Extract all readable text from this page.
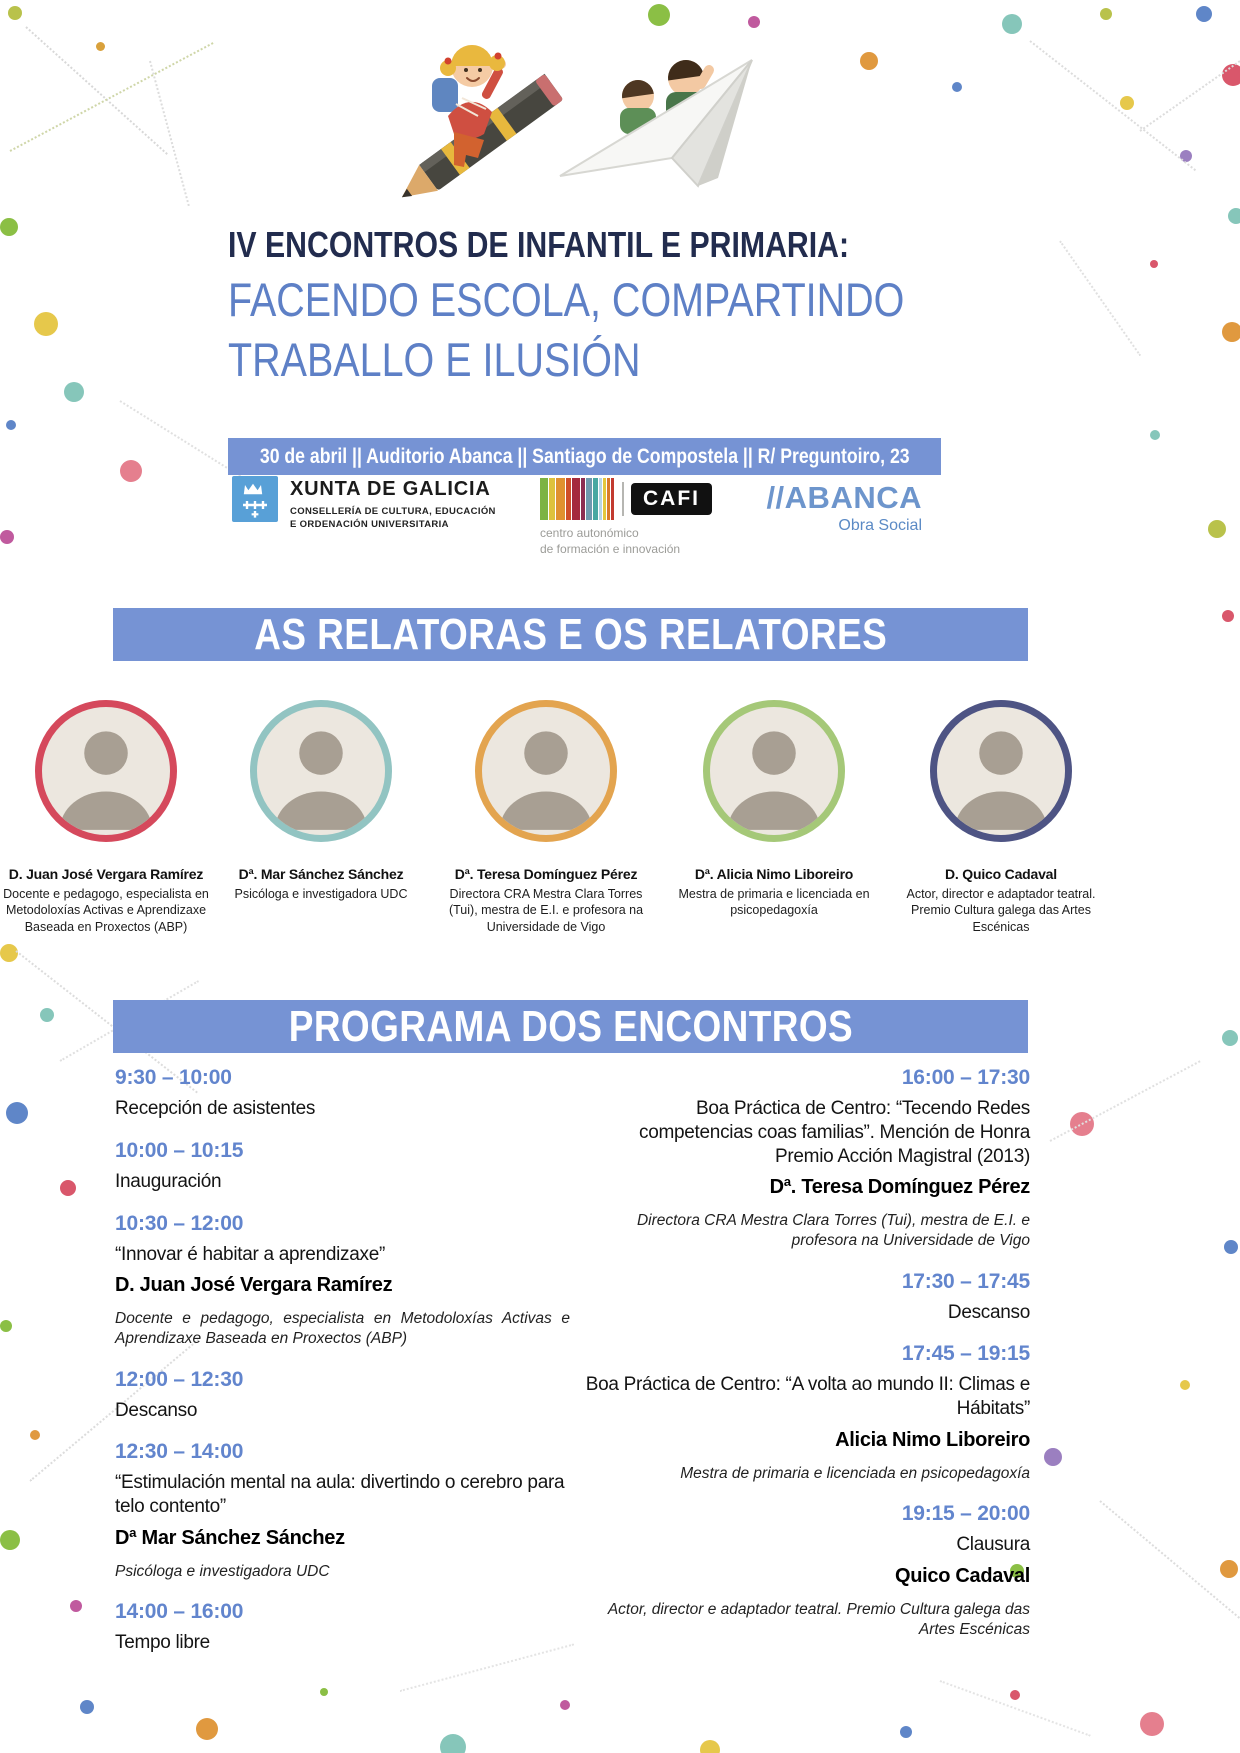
IV ENCONTROS DE INFANTIL E PRIMARIA:
FACENDO ESCOLA, COMPARTINDO
TRABALLO E ILUSIÓN
30 de abril || Auditorio Abanca || Santiago de Compostela || R/ Preguntoiro, 23
XUNTA DE GALICIA
CONSELLERÍA DE CULTURA, EDUCACIÓN
E ORDENACIÓN UNIVERSITARIA
CAFI
centro autonómico
de formación e innovación
//ABANCA
Obra Social
AS RELATORAS E OS RELATORES
D. Juan José Vergara Ramírez
Docente e pedagogo, especialista en Metodoloxías Activas e Aprendizaxe Baseada en Proxectos (ABP)
Dª. Mar Sánchez Sánchez
Psicóloga e investigadora UDC
Dª. Teresa Domínguez Pérez
Directora CRA Mestra Clara Torres (Tui), mestra de E.I. e profesora na Universidade de Vigo
Dª. Alicia Nimo Liboreiro
Mestra de primaria e licenciada en psicopedagoxía
D. Quico Cadaval
Actor, director e adaptador teatral. Premio Cultura galega das Artes Escénicas
PROGRAMA DOS ENCONTROS
9:30 – 10:00
Recepción de asistentes
10:00 – 10:15
Inauguración
10:30 – 12:00
“Innovar é habitar a aprendizaxe”
D. Juan José Vergara Ramírez
Docente e pedagogo, especialista en Metodoloxías Activas e Aprendizaxe Baseada en Proxectos (ABP)
12:00 – 12:30
Descanso
12:30 – 14:00
“Estimulación mental na aula: divertindo o cerebro para telo contento”
Dª Mar Sánchez Sánchez
Psicóloga e investigadora UDC
14:00 – 16:00
Tempo libre
16:00 – 17:30
Boa Práctica de Centro: “Tecendo Redes competencias coas familias”. Mención de Honra Premio Acción Magistral (2013)
Dª. Teresa Domínguez Pérez
Directora CRA Mestra Clara Torres (Tui), mestra de E.I. e profesora na Universidade de Vigo
17:30 – 17:45
Descanso
17:45 – 19:15
Boa Práctica de Centro: “A volta ao mundo II: Climas e Hábitats”
Alicia Nimo Liboreiro
Mestra de primaria e licenciada en psicopedagoxía
19:15 – 20:00
Clausura
Quico Cadaval
Actor, director e adaptador teatral. Premio Cultura galega das Artes Escénicas
